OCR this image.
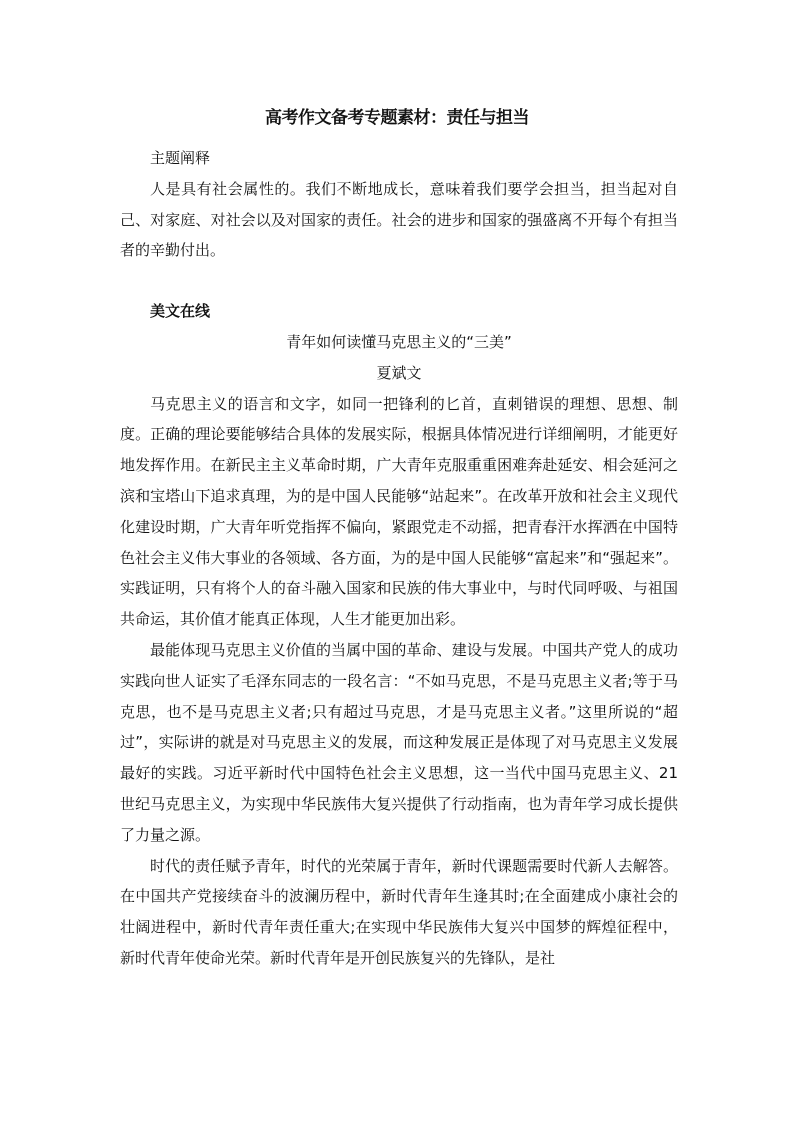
高考作文备考专题素材：责任与担当

主题阐释

人是具有社会属性的。我们不断地成长，意味着我们要学会担当，担当起对自己、对家庭、对社会以及对国家的责任。社会的进步和国家的强盛离不开每个有担当者的辛勤付出。

美文在线

青年如何读懂马克思主义的“三美”

夏斌文

马克思主义的语言和文字，如同一把锋利的匕首，直刺错误的理想、思想、制度。正确的理论要能够结合具体的发展实际，根据具体情况进行详细阐明，才能更好地发挥作用。在新民主主义革命时期，广大青年克服重重困难奔赴延安、相会延河之滨和宝塔山下追求真理，为的是中国人民能够“站起来”。在改革开放和社会主义现代化建设时期，广大青年听党指挥不偏向，紧跟党走不动摇，把青春汗水挥洒在中国特色社会主义伟大事业的各领域、各方面，为的是中国人民能够“富起来”和“强起来”。实践证明，只有将个人的奋斗融入国家和民族的伟大事业中，与时代同呼吸、与祖国共命运，其价值才能真正体现，人生才能更加出彩。

最能体现马克思主义价值的当属中国的革命、建设与发展。中国共产党人的成功实践向世人证实了毛泽东同志的一段名言：“不如马克思，不是马克思主义者;等于马克思，也不是马克思主义者;只有超过马克思，才是马克思主义者。”这里所说的“超过”，实际讲的就是对马克思主义的发展，而这种发展正是体现了对马克思主义发展最好的实践。习近平新时代中国特色社会主义思想，这一当代中国马克思主义、21世纪马克思主义，为实现中华民族伟大复兴提供了行动指南，也为青年学习成长提供了力量之源。

时代的责任赋予青年，时代的光荣属于青年，新时代课题需要时代新人去解答。在中国共产党接续奋斗的波澜历程中，新时代青年生逢其时;在全面建成小康社会的壮阔进程中，新时代青年责任重大;在实现中华民族伟大复兴中国梦的辉煌征程中，新时代青年使命光荣。新时代青年是开创民族复兴的先锋队，是社
